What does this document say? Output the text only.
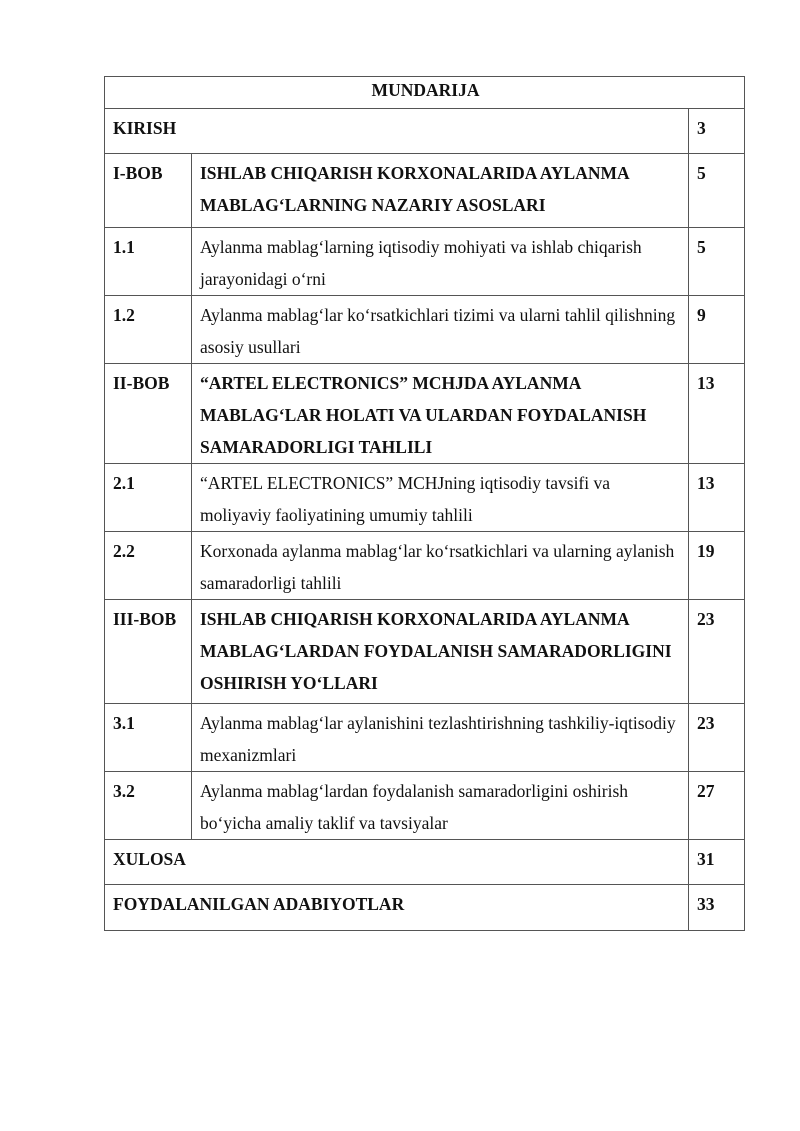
MUNDARIJA		
KIRISH		3
I-BOB	ISHLAB CHIQARISH KORXONALARIDA AYLANMA MABLAG‘LARNING NAZARIY ASOSLARI	5
1.1	Aylanma mablag‘larning iqtisodiy mohiyati va ishlab chiqarish jarayonidagi o‘rni	5
1.2	Aylanma mablag‘lar ko‘rsatkichlari tizimi va ularni tahlil qilishning asosiy usullari	9
II-BOB	“ARTEL ELECTRONICS” MCHJDA AYLANMA MABLAG‘LAR HOLATI VA ULARDAN FOYDALANISH SAMARADORLIGI TAHLILI	13
2.1	“ARTEL ELECTRONICS” MCHJning iqtisodiy tavsifi va moliyaviy faoliyatining umumiy tahlili	13
2.2	Korxonada aylanma mablag‘lar ko‘rsatkichlari va ularning aylanish samaradorligi tahlili	19
III-BOB	ISHLAB CHIQARISH KORXONALARIDA AYLANMA MABLAG‘LARDAN FOYDALANISH SAMARADORLIGINI OSHIRISH YO‘LLARI	23
3.1	Aylanma mablag‘lar aylanishini tezlashtirishning tashkiliy-iqtisodiy mexanizmlari	23
3.2	Aylanma mablag‘lardan foydalanish samaradorligini oshirish bo‘yicha amaliy taklif va tavsiyalar	27
XULOSA		31
FOYDALANILGAN ADABIYOTLAR		33
